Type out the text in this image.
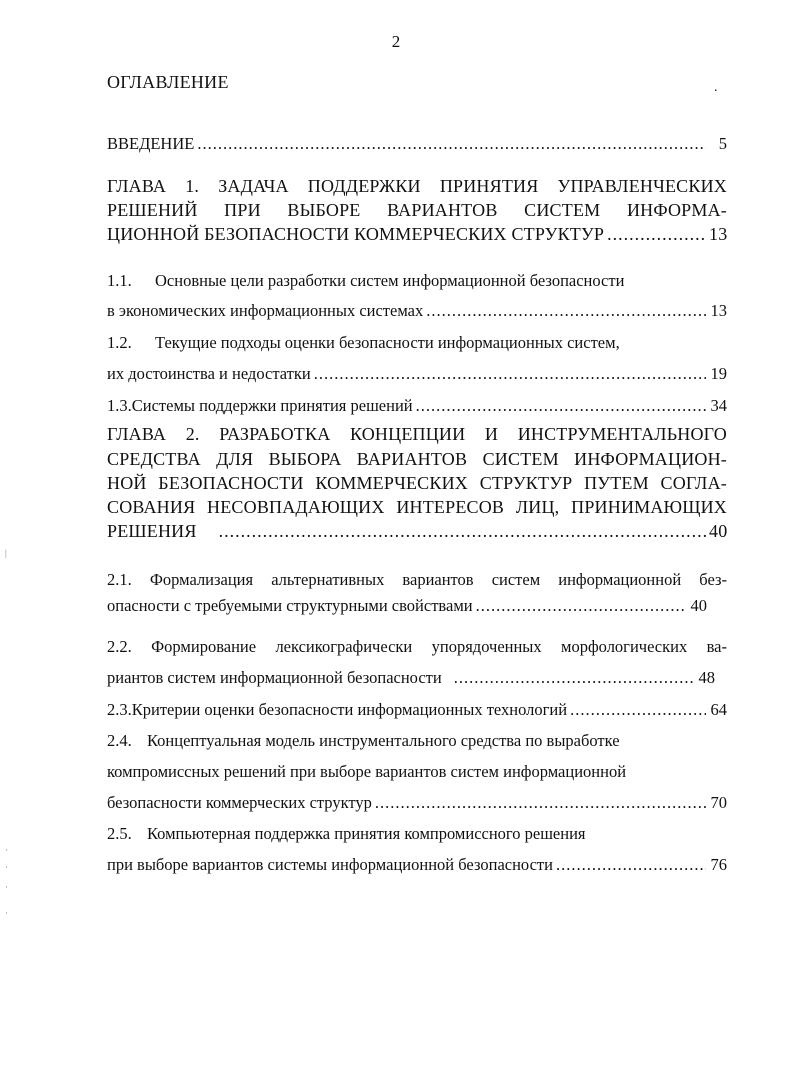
2
ОГЛАВЛЕНИЕ	.
ВВЕДЕНИЕ .....	5
ГЛАВА 1. ЗАДАЧА ПОДДЕРЖКИ ПРИНЯТИЯ УПРАВЛЕНЧЕСКИХ
РЕШЕНИЙ ПРИ ВЫБОРЕ ВАРИАНТОВ СИСТЕМ ИНФОРМА-
ЦИОННОЙ БЕЗОПАСНОСТИ КОММЕРЧЕСКИХ СТРУКТУР .....	13
1.1. Основные цели разработки систем информационной безопасности
в экономических информационных системах .....	13
1.2. Текущие подходы оценки безопасности информационных систем,
их достоинства и недостатки .....	19
1.3. Системы поддержки принятия решений .....	34
ГЛАВА 2. РАЗРАБОТКА КОНЦЕПЦИИ И ИНСТРУМЕНТАЛЬНОГО
СРЕДСТВА ДЛЯ ВЫБОРА ВАРИАНТОВ СИСТЕМ ИНФОРМАЦИОН-
НОЙ БЕЗОПАСНОСТИ КОММЕРЧЕСКИХ СТРУКТУР ПУТЕМ СОГЛА-
СОВАНИЯ НЕСОВПАДАЮЩИХ ИНТЕРЕСОВ ЛИЦ, ПРИНИМАЮЩИХ
РЕШЕНИЯ .....	40
2.1. Формализация альтернативных вариантов систем информационной без-
опасности с требуемыми структурными свойствами .....	40
2.2. Формирование лексикографически упорядоченных морфологических ва-
риантов систем информационной безопасности .....	48
2.3. Критерии оценки безопасности информационных технологий .....	64
2.4. Концептуальная модель инструментального средства по выработке
компромиссных решений при выборе вариантов систем информационной
безопасности коммерческих структур .....	70
2.5. Компьютерная поддержка принятия компромиссного решения
при выборе вариантов системы информационной безопасности .....	76
|
·
·
·
·
